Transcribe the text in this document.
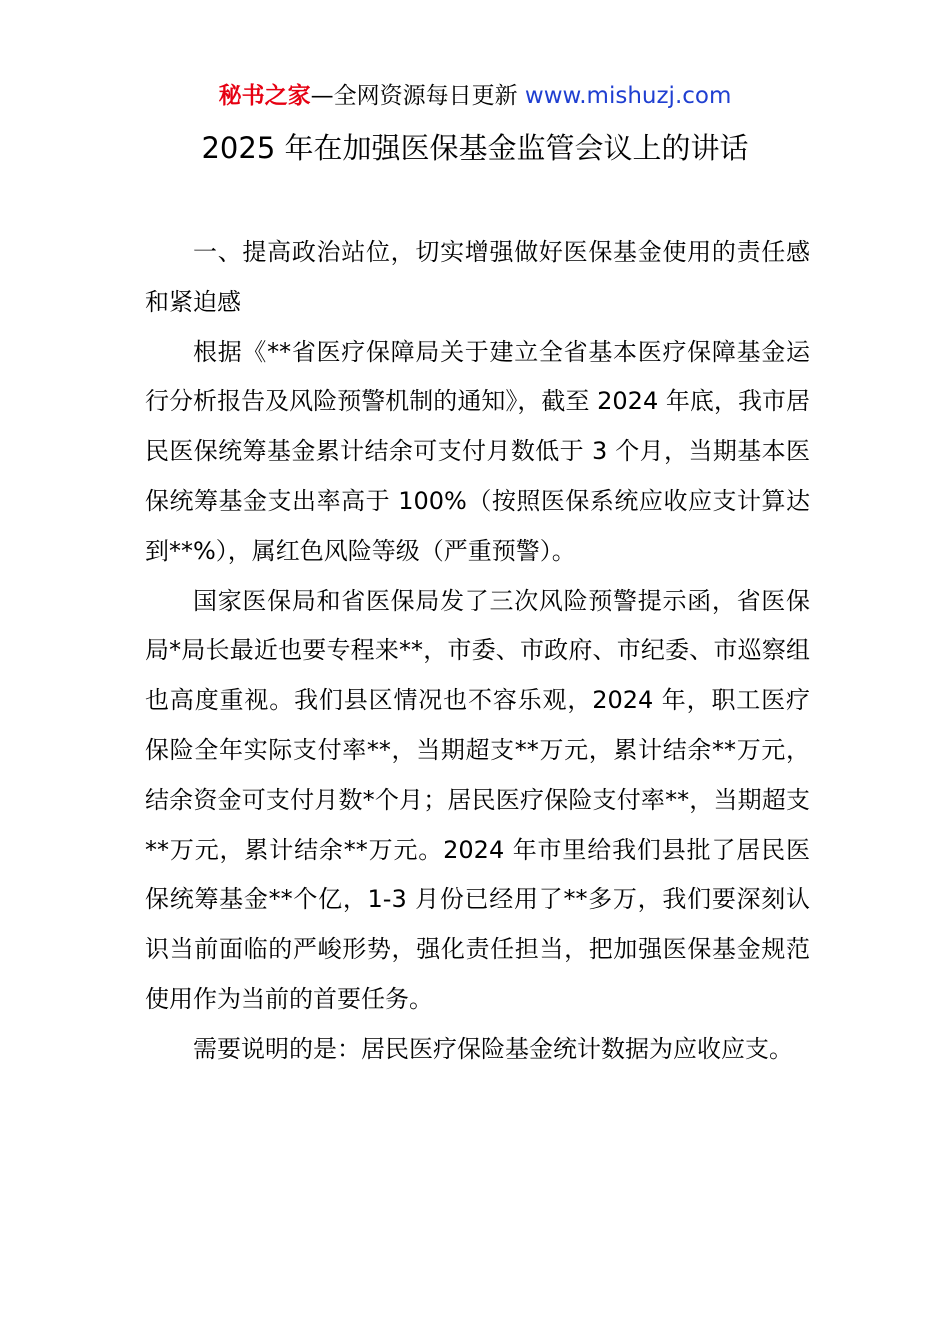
秘书之家—全网资源每日更新 www.mishuzj.com
2025 年在加强医保基金监管会议上的讲话

一、提高政治站位，切实增强做好医保基金使用的责任感和紧迫感

根据《**省医疗保障局关于建立全省基本医疗保障基金运行分析报告及风险预警机制的通知》，截至 2024 年底，我市居民医保统筹基金累计结余可支付月数低于 3 个月，当期基本医保统筹基金支出率高于 100%（按照医保系统应收应支计算达到**%），属红色风险等级（严重预警）。

国家医保局和省医保局发了三次风险预警提示函，省医保局*局长最近也要专程来**，市委、市政府、市纪委、市巡察组也高度重视。我们县区情况也不容乐观，2024 年，职工医疗保险全年实际支付率**，当期超支**万元，累计结余**万元，结余资金可支付月数*个月；居民医疗保险支付率**，当期超支**万元，累计结余**万元。2024 年市里给我们县批了居民医保统筹基金**个亿，1-3 月份已经用了**多万，我们要深刻认识当前面临的严峻形势，强化责任担当，把加强医保基金规范使用作为当前的首要任务。

需要说明的是：居民医疗保险基金统计数据为应收应支。
